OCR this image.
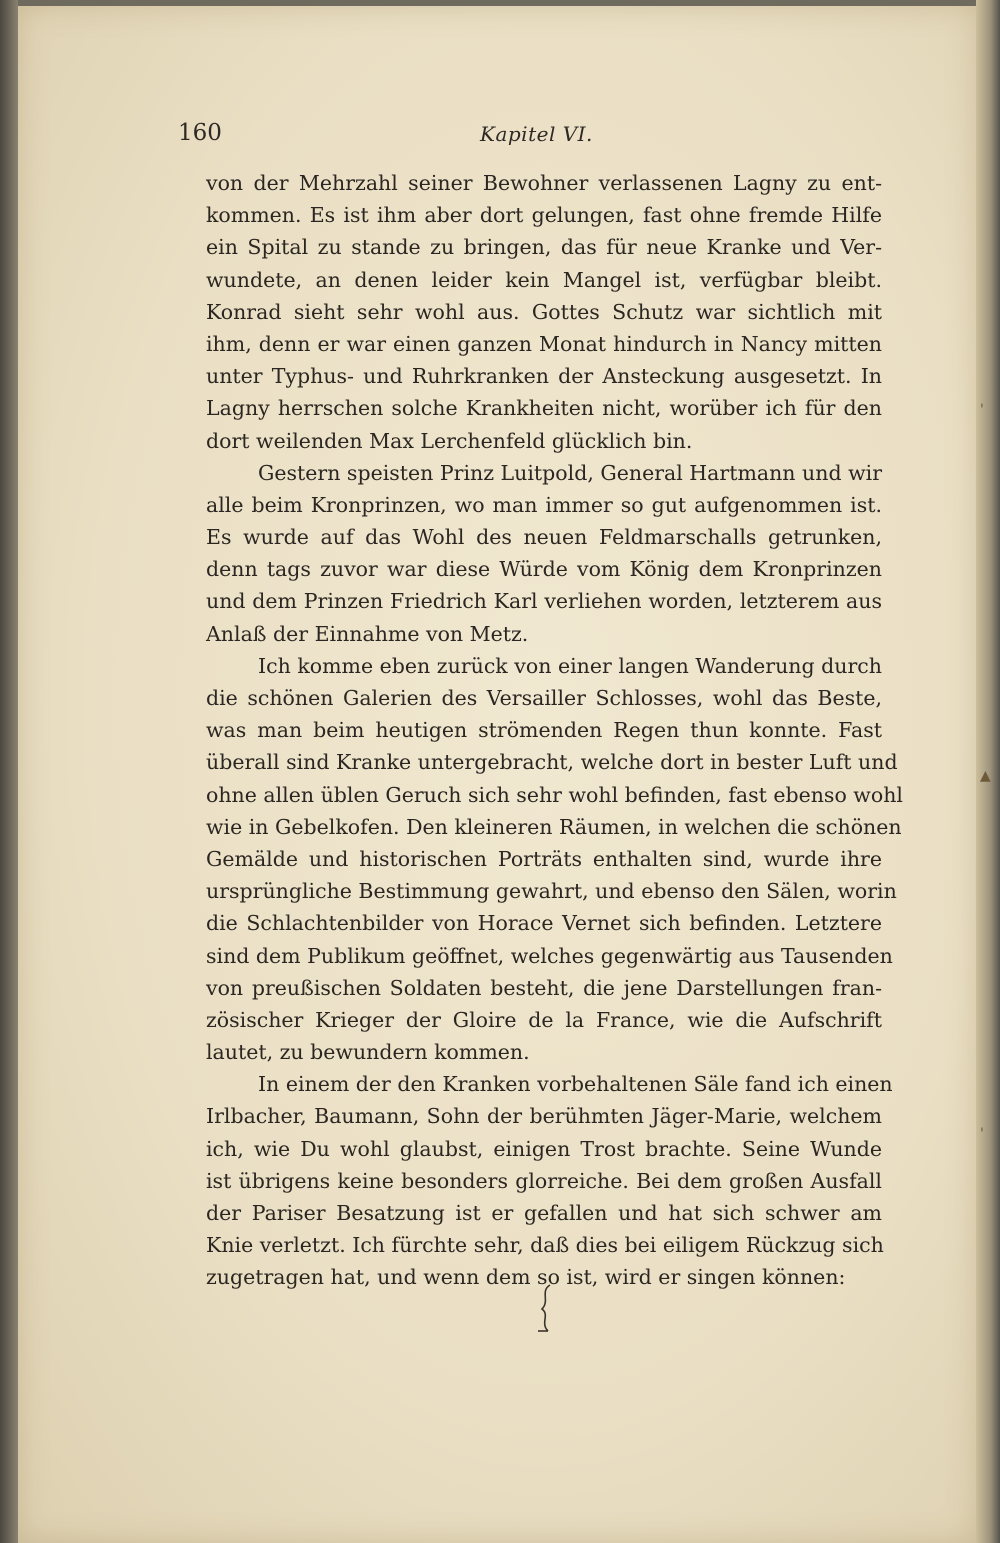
160	Kapitel VI.
von der Mehrzahl seiner Bewohner verlassenen Lagny zu ent-
kommen. Es ist ihm aber dort gelungen, fast ohne fremde Hilfe
ein Spital zu stande zu bringen, das für neue Kranke und Ver-
wundete, an denen leider kein Mangel ist, verfügbar bleibt.
Konrad sieht sehr wohl aus. Gottes Schutz war sichtlich mit
ihm, denn er war einen ganzen Monat hindurch in Nancy mitten
unter Typhus- und Ruhrkranken der Ansteckung ausgesetzt. In
Lagny herrschen solche Krankheiten nicht, worüber ich für den
dort weilenden Max Lerchenfeld glücklich bin.
Gestern speisten Prinz Luitpold, General Hartmann und wir
alle beim Kronprinzen, wo man immer so gut aufgenommen ist.
Es wurde auf das Wohl des neuen Feldmarschalls getrunken,
denn tags zuvor war diese Würde vom König dem Kronprinzen
und dem Prinzen Friedrich Karl verliehen worden, letzterem aus
Anlaß der Einnahme von Metz.
Ich komme eben zurück von einer langen Wanderung durch
die schönen Galerien des Versailler Schlosses, wohl das Beste,
was man beim heutigen strömenden Regen thun konnte. Fast
überall sind Kranke untergebracht, welche dort in bester Luft und
ohne allen üblen Geruch sich sehr wohl befinden, fast ebenso wohl
wie in Gebelkofen. Den kleineren Räumen, in welchen die schönen
Gemälde und historischen Porträts enthalten sind, wurde ihre
ursprüngliche Bestimmung gewahrt, und ebenso den Sälen, worin
die Schlachtenbilder von Horace Vernet sich befinden. Letztere
sind dem Publikum geöffnet, welches gegenwärtig aus Tausenden
von preußischen Soldaten besteht, die jene Darstellungen fran-
zösischer Krieger der Gloire de la France, wie die Aufschrift
lautet, zu bewundern kommen.
In einem der den Kranken vorbehaltenen Säle fand ich einen
Irlbacher, Baumann, Sohn der berühmten Jäger-Marie, welchem
ich, wie Du wohl glaubst, einigen Trost brachte. Seine Wunde
ist übrigens keine besonders glorreiche. Bei dem großen Ausfall
der Pariser Besatzung ist er gefallen und hat sich schwer am
Knie verletzt. Ich fürchte sehr, daß dies bei eiligem Rückzug sich
zugetragen hat, und wenn dem so ist, wird er singen können:
'
▲
'
